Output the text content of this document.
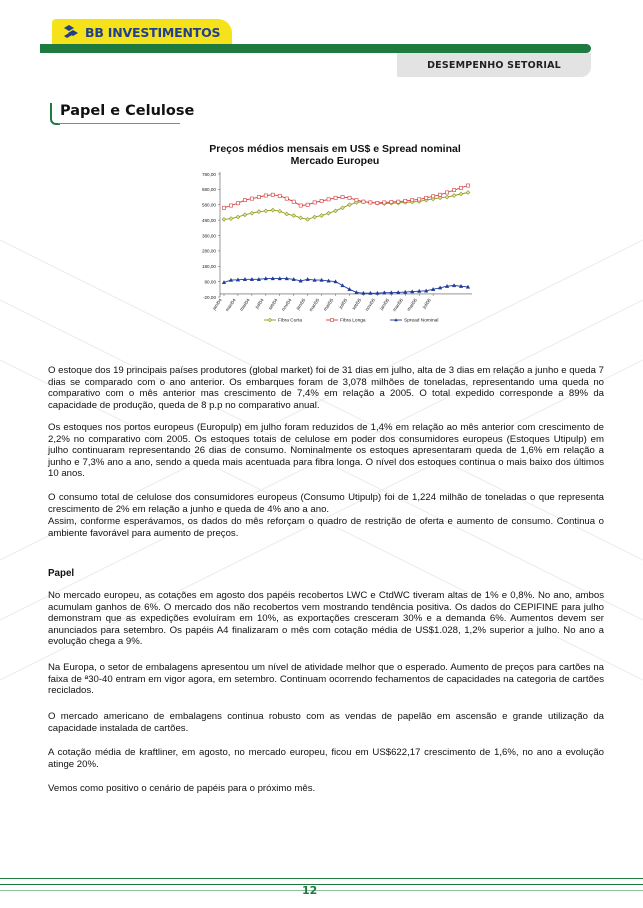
BB INVESTIMENTOS
DESEMPENHO SETORIAL
Papel e Celulose
Preços médios mensais em US$ e Spread nominal
Mercado Europeu
-20,00
80,00
180,00
280,00
380,00
480,00
580,00
680,00
780,00
jan/04 mar/04 mai/04 jul/04 set/04 nov/04 jan/05 mar/05 mai/05 jul/05 set/05 nov/05 jan/06 mar/06 mai/06 jul/06
Fibra Curta	Fibra Longa	Spread Nominal

O estoque dos 19 principais países produtores (global market) foi de 31 dias em julho, alta de 3 dias em relação a junho e queda 7 dias se comparado com o ano anterior. Os embarques foram de 3,078 milhões de toneladas, representando uma queda no comparativo com o mês anterior mas crescimento de 7,4% em relação a 2005. O total expedido corresponde a 89% da capacidade de produção, queda de 8 p.p no comparativo anual.

Os estoques nos portos europeus (Europulp) em julho foram reduzidos de 1,4% em relação ao mês anterior com crescimento de 2,2% no comparativo com 2005. Os estoques totais de celulose em poder dos consumidores europeus (Estoques Utipulp) em julho continuaram representando 26 dias de consumo. Nominalmente os estoques apresentaram queda de 1,6% em relação a junho e 7,3% ano a ano, sendo a queda mais acentuada para fibra longa. O nível dos estoques continua o mais baixo dos últimos 10 anos.

O consumo total de celulose dos consumidores europeus (Consumo Utipulp) foi de 1,224 milhão de toneladas o que representa crescimento de 2% em relação a junho e queda de 4% ano a ano.

Assim, conforme esperávamos, os dados do mês reforçam o quadro de restrição de oferta e aumento de consumo. Continua o ambiente favorável para aumento de preços.

Papel

No mercado europeu, as cotações em agosto dos papéis recobertos LWC e CtdWC tiveram altas de 1% e 0,8%. No ano, ambos acumulam ganhos de 6%. O mercado dos não recobertos vem mostrando tendência positiva. Os dados do CEPIFINE para julho demonstram que as expedições evoluíram em 10%, as exportações cresceram 30% e a demanda 6%. Aumentos devem ser anunciados para setembro. Os papéis A4 finalizaram o mês com cotação média de US$1.028, 1,2% superior a julho. No ano a evolução chega a 9%.

Na Europa, o setor de embalagens apresentou um nível de atividade melhor que o esperado. Aumento de preços para cartões na faixa de ª30-40 entram em vigor agora, em setembro. Continuam ocorrendo fechamentos de capacidades na categoria de cartões reciclados.

O mercado americano de embalagens continua robusto com as vendas de papelão em ascensão e grande utilização da capacidade instalada de cartões.

A cotação média de kraftliner, em agosto, no mercado europeu, ficou em US$622,17 crescimento de 1,6%, no ano a evolução atinge 20%.

Vemos como positivo o cenário de papéis para o próximo mês.

12
